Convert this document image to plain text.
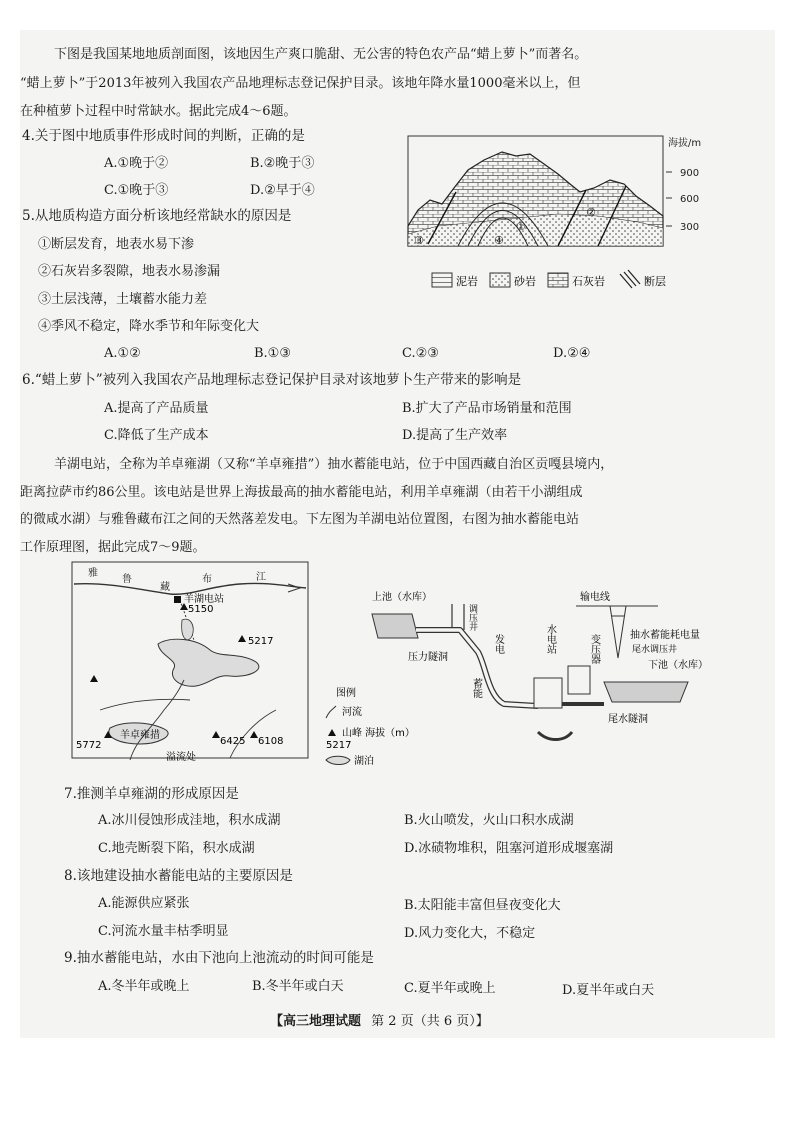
下图是我国某地地质剖面图，该地因生产爽口脆甜、无公害的特色农产品“蜡上萝卜”而著名。
“蜡上萝卜”于2013年被列入我国农产品地理标志登记保护目录。该地年降水量1000毫米以上，但
在种植萝卜过程中时常缺水。据此完成4～6题。
4.关于图中地质事件形成时间的判断，正确的是
A.①晚于②	B.②晚于③
C.①晚于③	D.②早于④
5.从地质构造方面分析该地经常缺水的原因是
①断层发育，地表水易下渗
②石灰岩多裂隙，地表水易渗漏
③土层浅薄，土壤蓄水能力差
④季风不稳定，降水季节和年际变化大
A.①②	B.①③	C.②③	D.②④
①
②
③	④
海拔/m
900
600
300
泥岩	砂岩	石灰岩	断层
6.“蜡上萝卜”被列入我国农产品地理标志登记保护目录对该地萝卜生产带来的影响是
A.提高了产品质量	B.扩大了产品市场销量和范围
C.降低了生产成本	D.提高了生产效率
羊湖电站，全称为羊卓雍湖（又称“羊卓雍措”）抽水蓄能电站，位于中国西藏自治区贡嘎县境内，
距离拉萨市约86公里。该电站是世界上海拔最高的抽水蓄能电站，利用羊卓雍湖（由若干小湖组成
的微咸水湖）与雅鲁藏布江之间的天然落差发电。下左图为羊湖电站位置图，右图为抽水蓄能电站
工作原理图，据此完成7～9题。
雅
鲁
藏
布	江
羊湖电站
5150
5217
羊卓雍措
5772	6425 6108
溢流处
图例
河流
山峰 海拔（m）
5217
湖泊
上池（水库）
调压井
发电
压力隧洞
蓄能
水电站	变压器
输电线
抽水蓄能耗电量
尾水调压井
下池（水库）
尾水隧洞
7.推测羊卓雍湖的形成原因是
A.冰川侵蚀形成洼地，积水成湖	B.火山喷发，火山口积水成湖
C.地壳断裂下陷，积水成湖	D.冰碛物堆积，阻塞河道形成堰塞湖
8.该地建设抽水蓄能电站的主要原因是
A.能源供应紧张	B.太阳能丰富但昼夜变化大
C.河流水量丰枯季明显	D.风力变化大，不稳定
9.抽水蓄能电站，水由下池向上池流动的时间可能是
A.冬半年或晚上	B.冬半年或白天	C.夏半年或晚上	D.夏半年或白天
【高三地理试题 第 2 页（共 6 页）】
